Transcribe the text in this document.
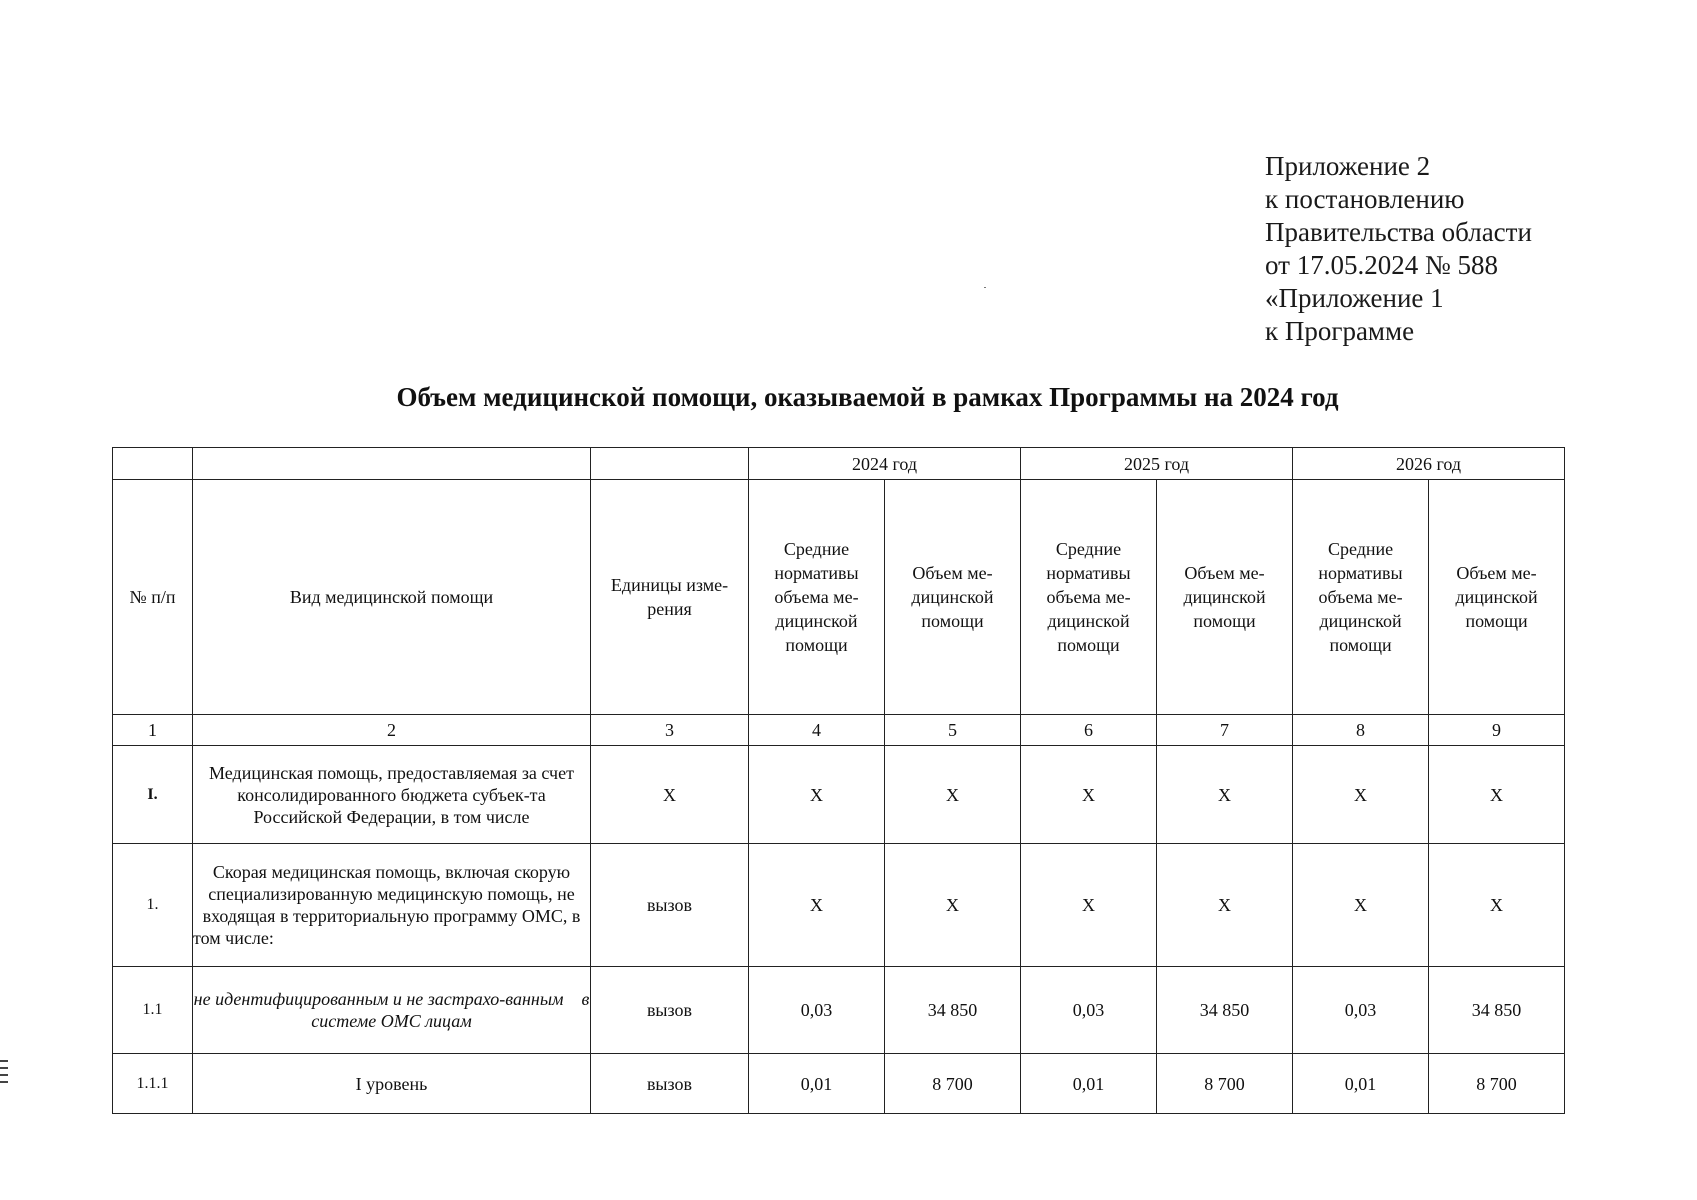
Приложение 2
к постановлению
Правительства области
от 17.05.2024 № 588
«Приложение 1
к Программе
Объем медицинской помощи, оказываемой в рамках Программы на 2024 год
			2024 год		2025 год		2026 год	
№ п/п	Вид медицинской помощи	Единицы изме-рения	Средние нормативы объема ме-дицинской помощи	Объем ме-дицинской помощи	Средние нормативы объема ме-дицинской помощи	Объем ме-дицинской помощи	Средние нормативы объема ме-дицинской помощи	Объем ме-дицинской помощи
1	2	3	4	5	6	7	8	9
I.	Медицинская помощь, предоставляемая за счет консолидированного бюджета субъек-та Российской Федерации, в том числе	X	X	X	X	X	X	X
1.	Скорая медицинская помощь, включая скорую специализированную медицинскую помощь, не входящая в территориальную программу ОМС, в том числе:	вызов	X	X	X	X	X	X
1.1	не идентифицированным и не застрахо-ванным    в системе ОМС лицам	вызов	0,03	34 850	0,03	34 850	0,03	34 850
1.1.1	I уровень	вызов	0,01	8 700	0,01	8 700	0,01	8 700
